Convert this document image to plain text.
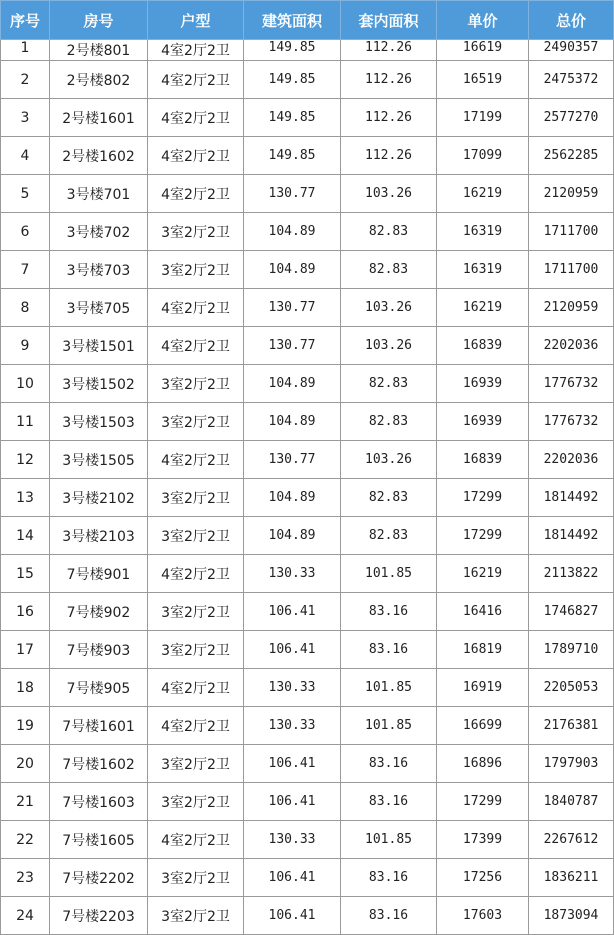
序号	房号	户型	建筑面积	套内面积	单价	总价
1	2号楼801	4室2厅2卫	149.85	112.26	16619	2490357
2	2号楼802	4室2厅2卫	149.85	112.26	16519	2475372
3	2号楼1601	4室2厅2卫	149.85	112.26	17199	2577270
4	2号楼1602	4室2厅2卫	149.85	112.26	17099	2562285
5	3号楼701	4室2厅2卫	130.77	103.26	16219	2120959
6	3号楼702	3室2厅2卫	104.89	82.83	16319	1711700
7	3号楼703	3室2厅2卫	104.89	82.83	16319	1711700
8	3号楼705	4室2厅2卫	130.77	103.26	16219	2120959
9	3号楼1501	4室2厅2卫	130.77	103.26	16839	2202036
10	3号楼1502	3室2厅2卫	104.89	82.83	16939	1776732
11	3号楼1503	3室2厅2卫	104.89	82.83	16939	1776732
12	3号楼1505	4室2厅2卫	130.77	103.26	16839	2202036
13	3号楼2102	3室2厅2卫	104.89	82.83	17299	1814492
14	3号楼2103	3室2厅2卫	104.89	82.83	17299	1814492
15	7号楼901	4室2厅2卫	130.33	101.85	16219	2113822
16	7号楼902	3室2厅2卫	106.41	83.16	16416	1746827
17	7号楼903	3室2厅2卫	106.41	83.16	16819	1789710
18	7号楼905	4室2厅2卫	130.33	101.85	16919	2205053
19	7号楼1601	4室2厅2卫	130.33	101.85	16699	2176381
20	7号楼1602	3室2厅2卫	106.41	83.16	16896	1797903
21	7号楼1603	3室2厅2卫	106.41	83.16	17299	1840787
22	7号楼1605	4室2厅2卫	130.33	101.85	17399	2267612
23	7号楼2202	3室2厅2卫	106.41	83.16	17256	1836211
24	7号楼2203	3室2厅2卫	106.41	83.16	17603	1873094
